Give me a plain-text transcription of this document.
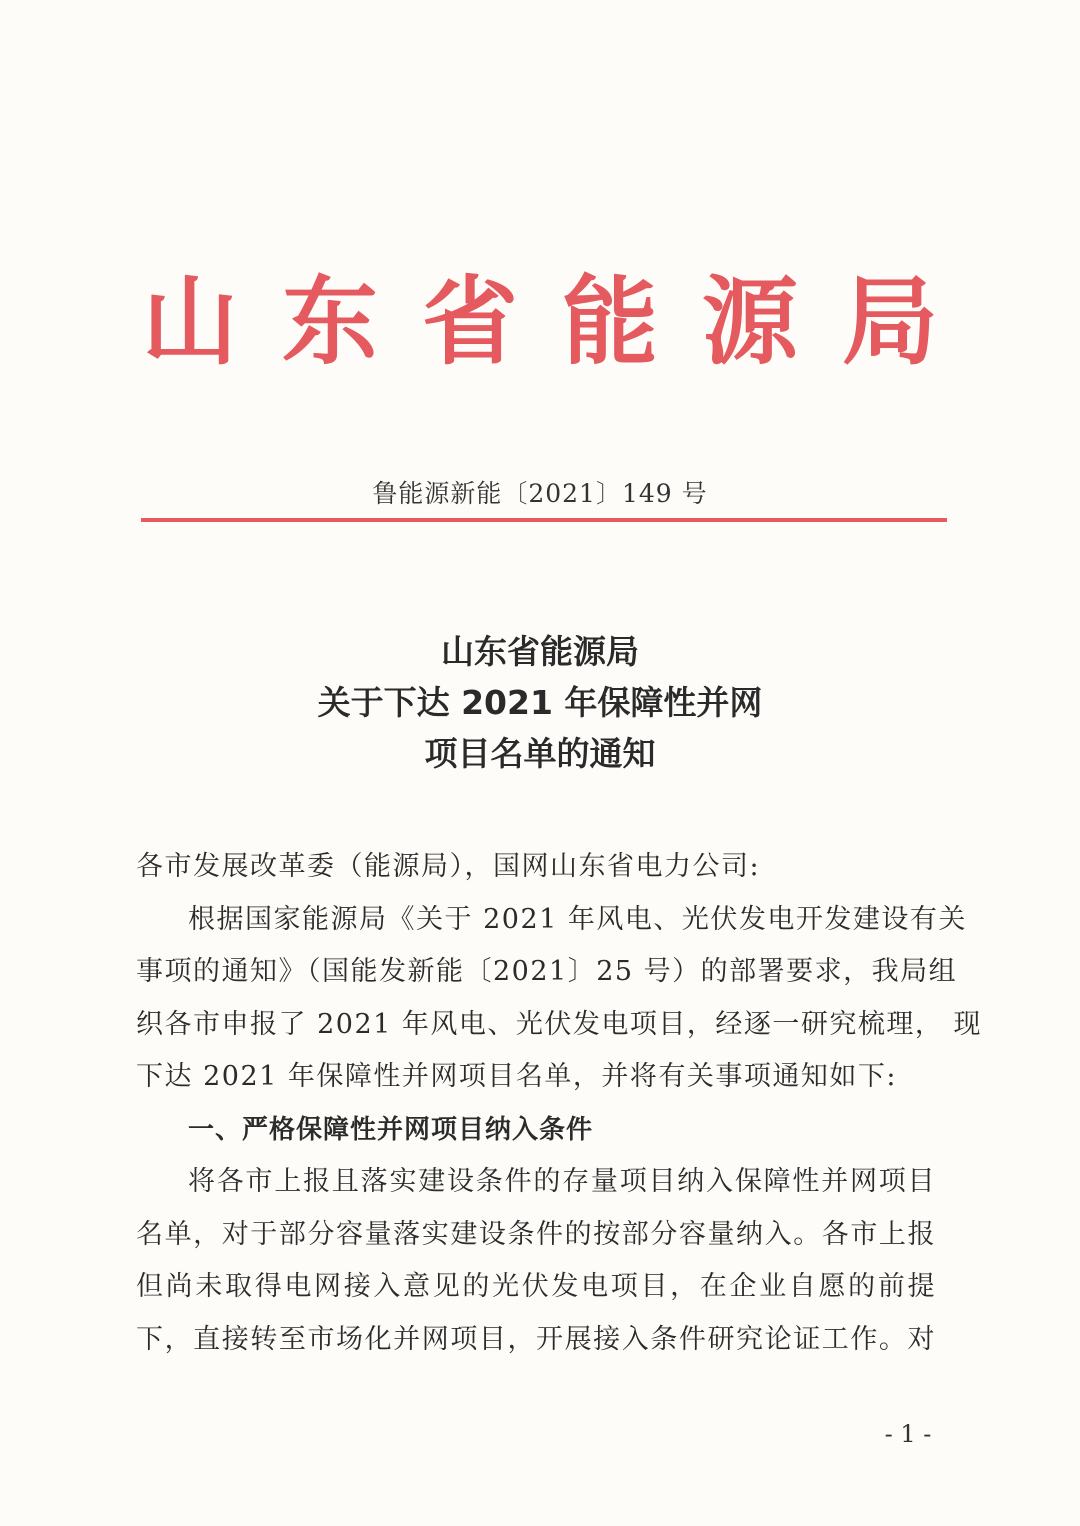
山东省能源局
鲁能源新能〔2021〕149 号
山东省能源局
关于下达 2021 年保障性并网
项目名单的通知
各市发展改革委（能源局），国网山东省电力公司:
根据国家能源局《关于 2021 年风电、光伏发电开发建设有关
事项的通知》（国能发新能〔2021〕25 号）的部署要求，我局组
织各市申报了 2021 年风电、光伏发电项目，经逐一研究梳理， 现
下达 2021 年保障性并网项目名单，并将有关事项通知如下:
一、严格保障性并网项目纳入条件
将各市上报且落实建设条件的存量项目纳入保障性并网项目
名单，对于部分容量落实建设条件的按部分容量纳入。各市上报
但尚未取得电网接入意见的光伏发电项目，在企业自愿的前提
下，直接转至市场化并网项目，开展接入条件研究论证工作。对
- 1 -
